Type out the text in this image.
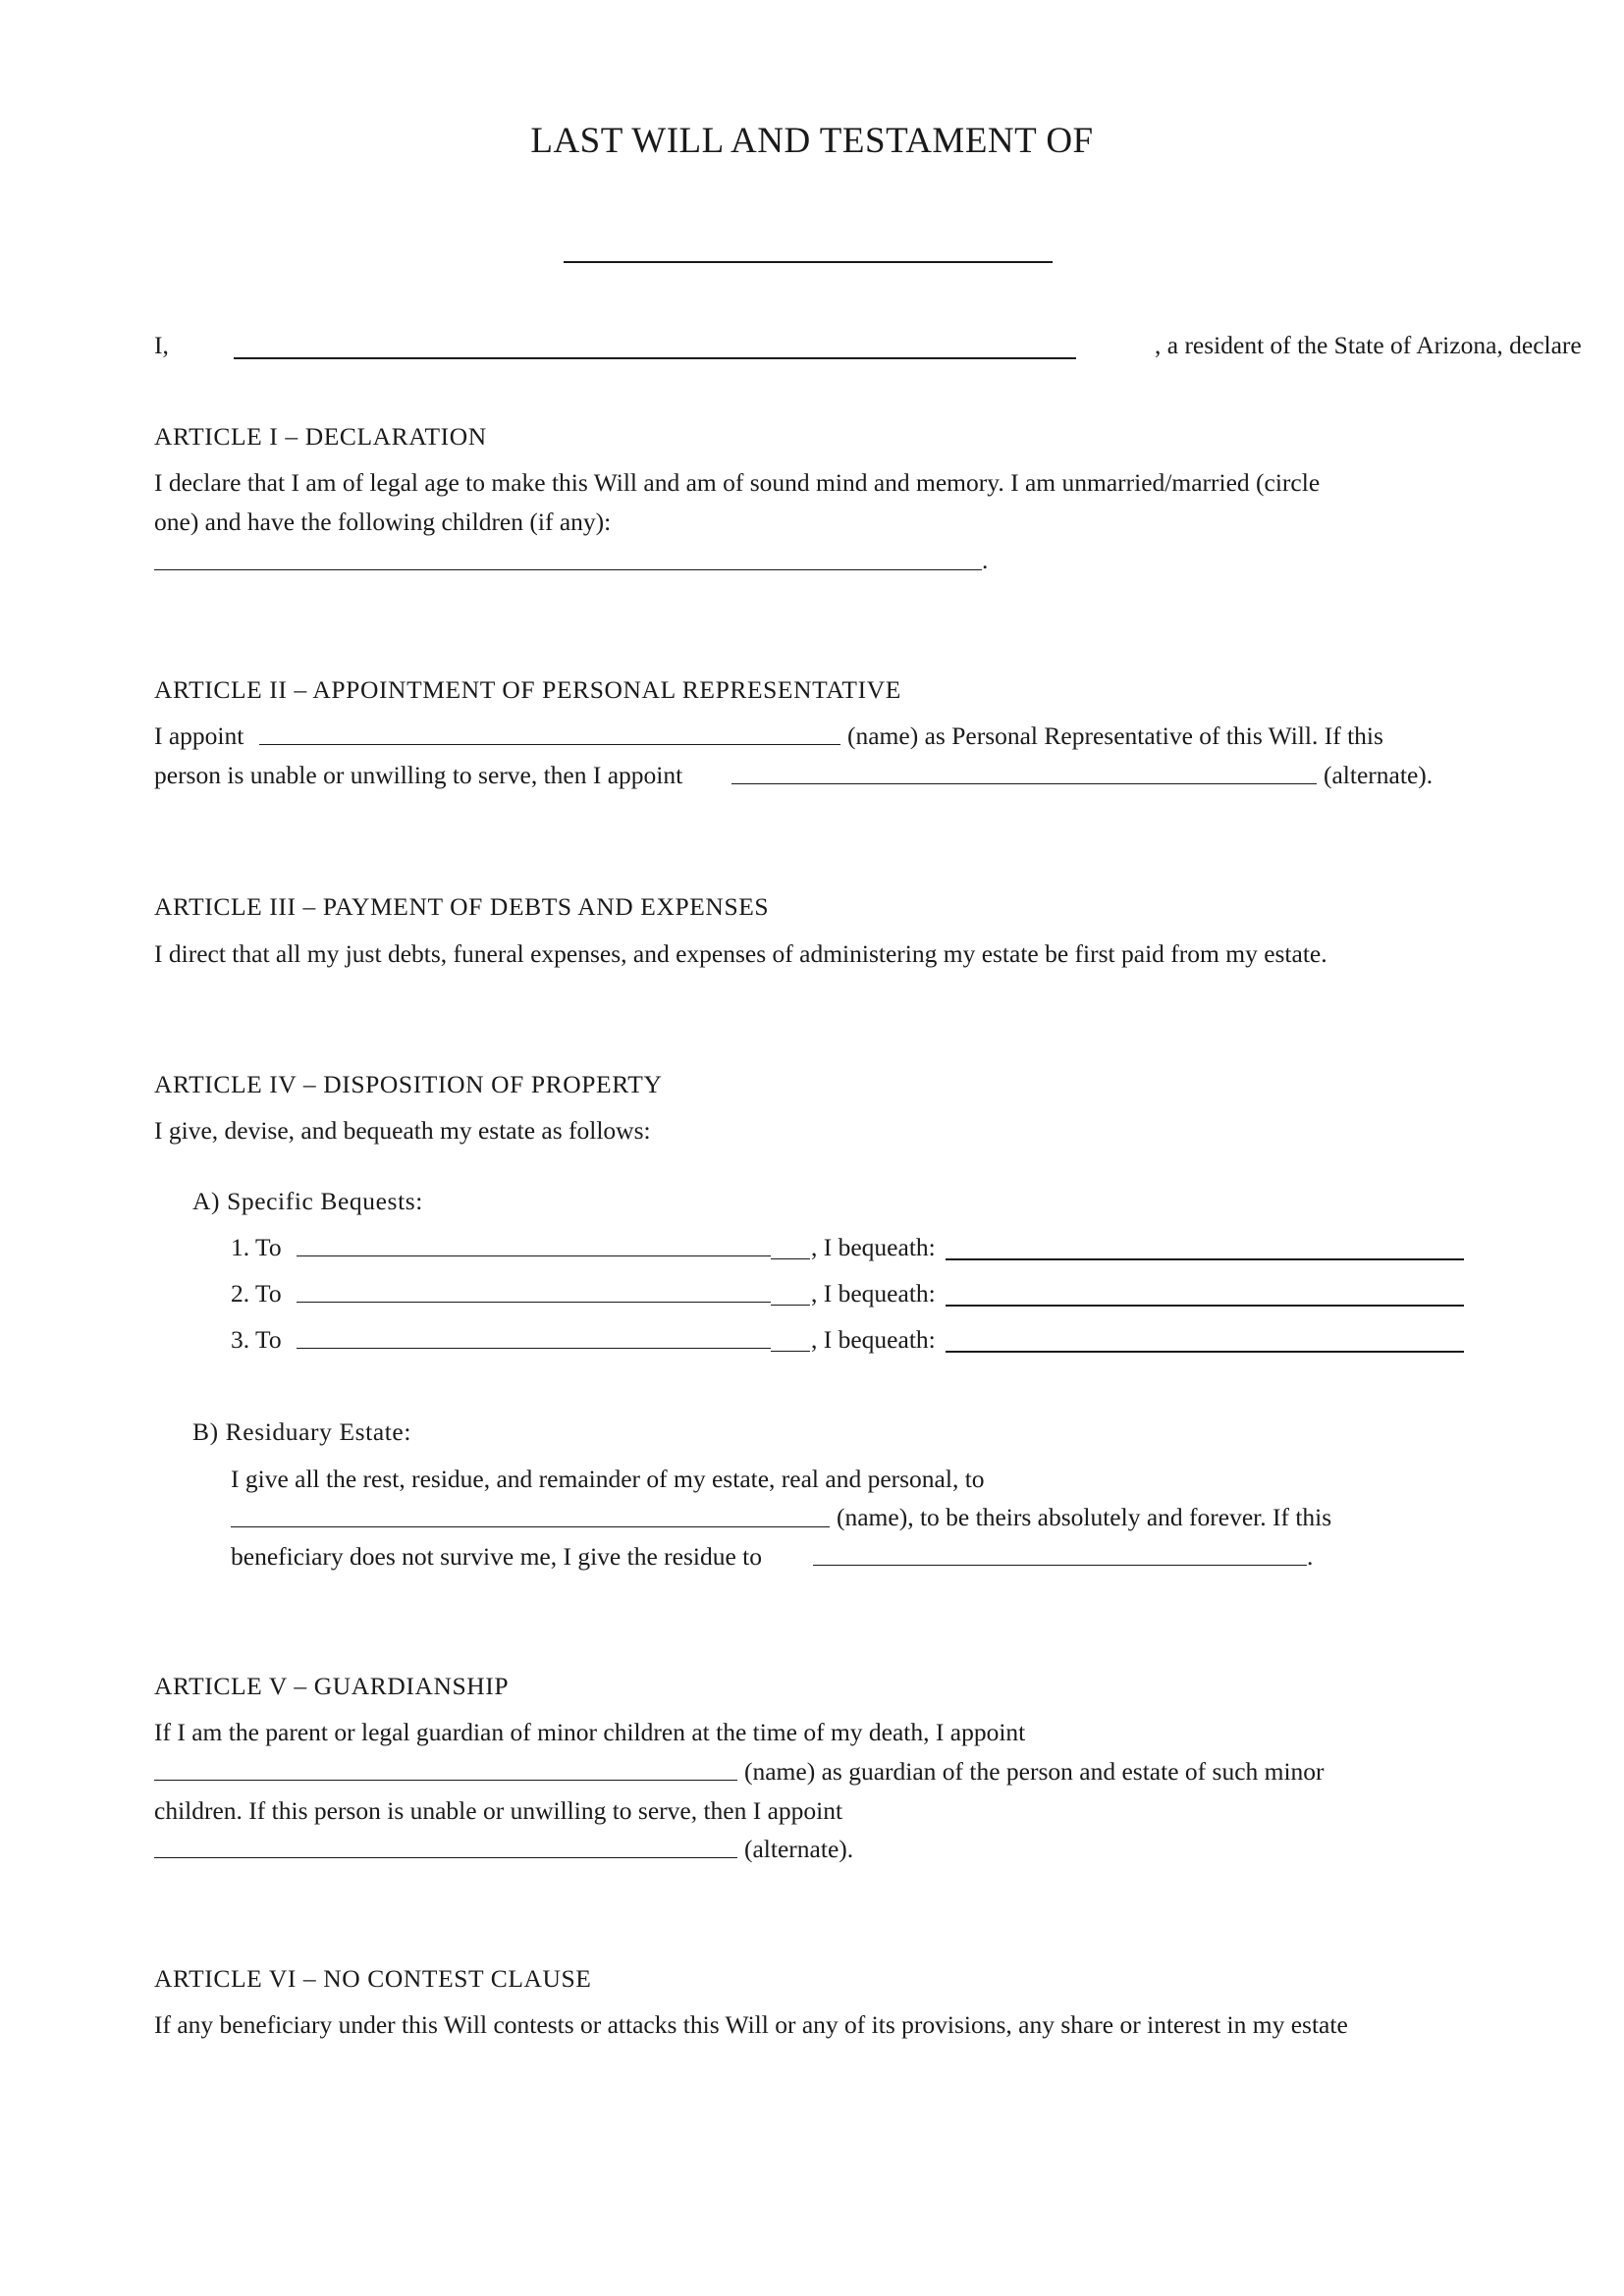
LAST WILL AND TESTAMENT OF
I,	, a resident of the State of Arizona, declare
ARTICLE I – DECLARATION
I declare that I am of legal age to make this Will and am of sound mind and memory. I am unmarried/married (circle
one) and have the following children (if any):
.
ARTICLE II – APPOINTMENT OF PERSONAL REPRESENTATIVE
I appoint	(name) as Personal Representative of this Will. If this
person is unable or unwilling to serve, then I appoint	(alternate).
ARTICLE III – PAYMENT OF DEBTS AND EXPENSES
I direct that all my just debts, funeral expenses, and expenses of administering my estate be first paid from my estate.
ARTICLE IV – DISPOSITION OF PROPERTY
I give, devise, and bequeath my estate as follows:
A) Specific Bequests:
1. To	, I bequeath:
2. To	, I bequeath:
3. To	, I bequeath:
B) Residuary Estate:
I give all the rest, residue, and remainder of my estate, real and personal, to
(name), to be theirs absolutely and forever. If this
beneficiary does not survive me, I give the residue to	.
ARTICLE V – GUARDIANSHIP
If I am the parent or legal guardian of minor children at the time of my death, I appoint
(name) as guardian of the person and estate of such minor
children. If this person is unable or unwilling to serve, then I appoint
(alternate).
ARTICLE VI – NO CONTEST CLAUSE
If any beneficiary under this Will contests or attacks this Will or any of its provisions, any share or interest in my estate
